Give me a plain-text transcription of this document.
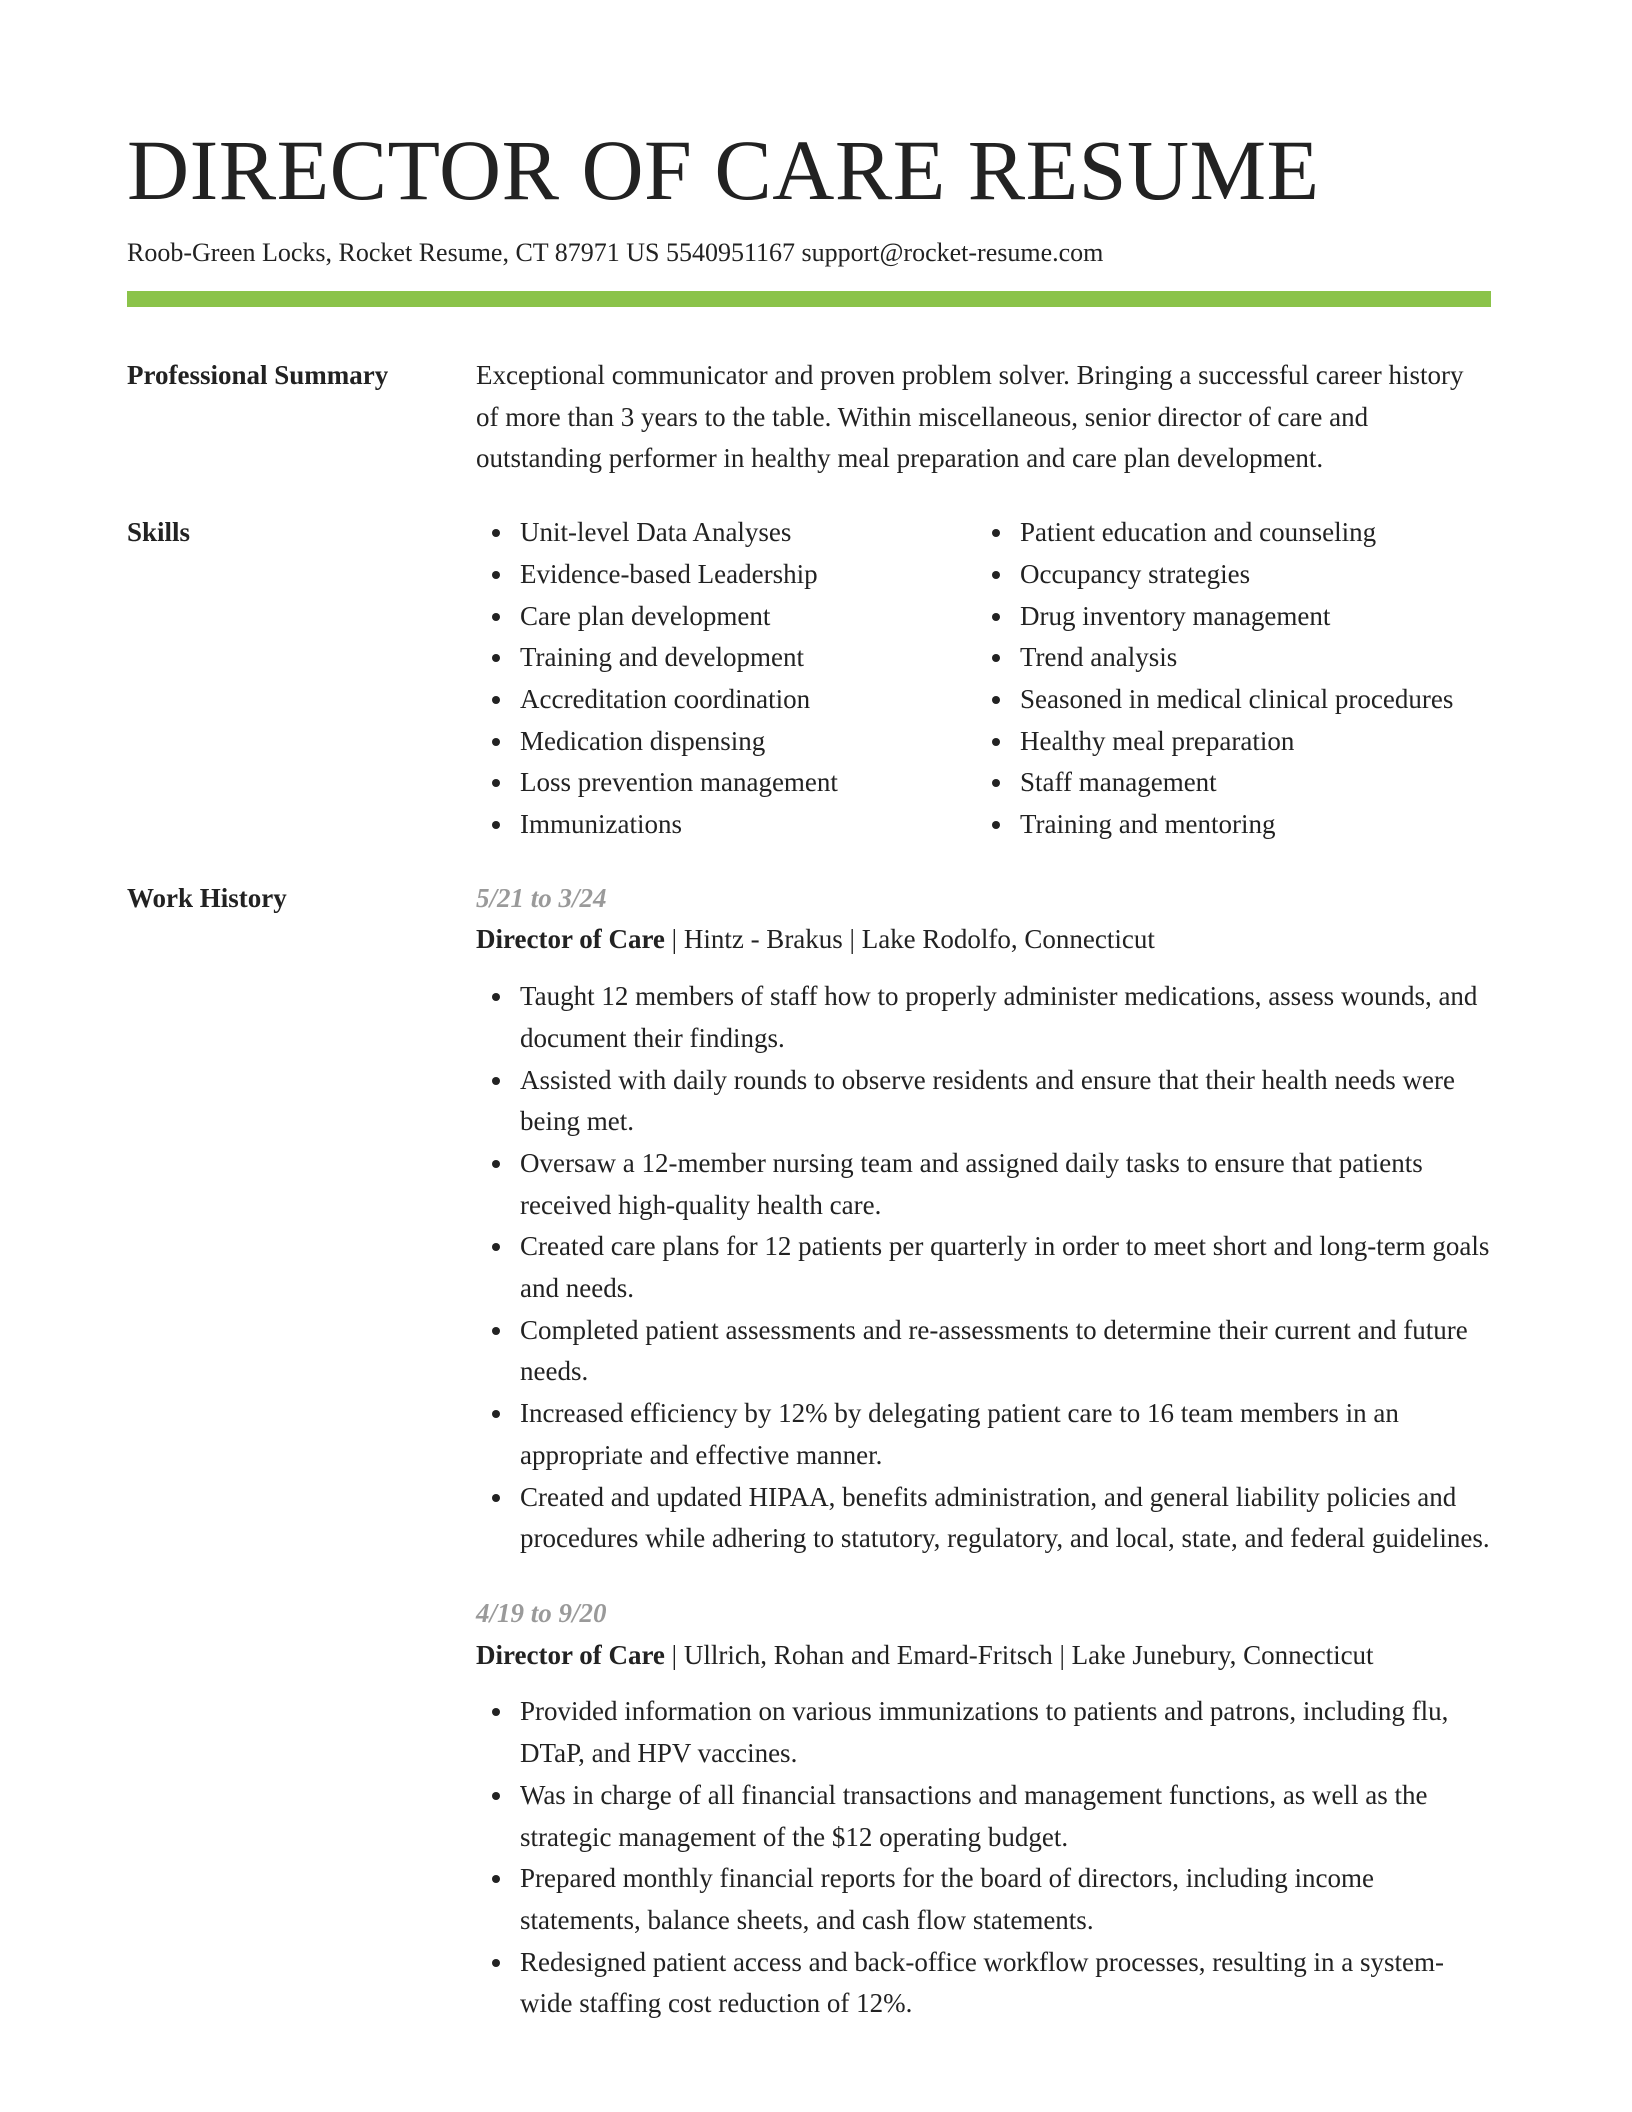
DIRECTOR OF CARE RESUME
Roob-Green Locks, Rocket Resume, CT 87971 US 5540951167 support@rocket-resume.com
Professional Summary	Exceptional communicator and proven problem solver. Bringing a successful career history of more than 3 years to the table. Within miscellaneous, senior director of care and outstanding performer in healthy meal preparation and care plan development.

Skills	Unit-level Data Analyses
Evidence-based Leadership
Care plan development
Training and development
Accreditation coordination
Medication dispensing
Loss prevention management
Immunizations
Patient education and counseling
Occupancy strategies
Drug inventory management
Trend analysis
Seasoned in medical clinical procedures
Healthy meal preparation
Staff management
Training and mentoring
Work History	5/21 to 3/24

Director of Care | Hintz - Brakus | Lake Rodolfo, Connecticut

Taught 12 members of staff how to properly administer medications, assess wounds, and document their findings.
Assisted with daily rounds to observe residents and ensure that their health needs were being met.
Oversaw a 12-member nursing team and assigned daily tasks to ensure that patients received high-quality health care.
Created care plans for 12 patients per quarterly in order to meet short and long-term goals and needs.
Completed patient assessments and re-assessments to determine their current and future needs.
Increased efficiency by 12% by delegating patient care to 16 team members in an appropriate and effective manner.
Created and updated HIPAA, benefits administration, and general liability policies and procedures while adhering to statutory, regulatory, and local, state, and federal guidelines.
4/19 to 9/20

Director of Care | Ullrich, Rohan and Emard-Fritsch | Lake Junebury, Connecticut

Provided information on various immunizations to patients and patrons, including flu, DTaP, and HPV vaccines.
Was in charge of all financial transactions and management functions, as well as the strategic management of the $12 operating budget.
Prepared monthly financial reports for the board of directors, including income statements, balance sheets, and cash flow statements.
Redesigned patient access and back-office workflow processes, resulting in a system-wide staffing cost reduction of 12%.
